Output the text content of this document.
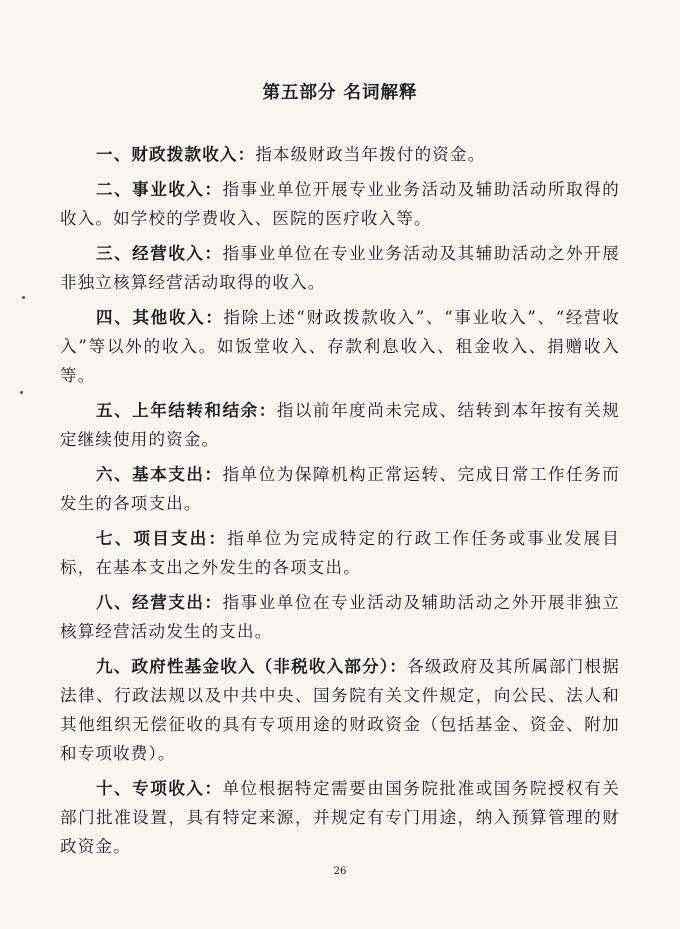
第五部分 名词解释

一、财政拨款收入：指本级财政当年拨付的资金。

二、事业收入：指事业单位开展专业业务活动及辅助活动所取得的收入。如学校的学费收入、医院的医疗收入等。

三、经营收入：指事业单位在专业业务活动及其辅助活动之外开展非独立核算经营活动取得的收入。

四、其他收入：指除上述“财政拨款收入”、“事业收入”、“经营收入”等以外的收入。如饭堂收入、存款利息收入、租金收入、捐赠收入等。

五、上年结转和结余：指以前年度尚未完成、结转到本年按有关规定继续使用的资金。

六、基本支出：指单位为保障机构正常运转、完成日常工作任务而发生的各项支出。

七、项目支出：指单位为完成特定的行政工作任务或事业发展目标，在基本支出之外发生的各项支出。

八、经营支出：指事业单位在专业活动及辅助活动之外开展非独立核算经营活动发生的支出。

九、政府性基金收入（非税收入部分）：各级政府及其所属部门根据法律、行政法规以及中共中央、国务院有关文件规定，向公民、法人和其他组织无偿征收的具有专项用途的财政资金（包括基金、资金、附加和专项收费）。

十、专项收入：单位根据特定需要由国务院批准或国务院授权有关部门批准设置，具有特定来源，并规定有专门用途，纳入预算管理的财政资金。

26
